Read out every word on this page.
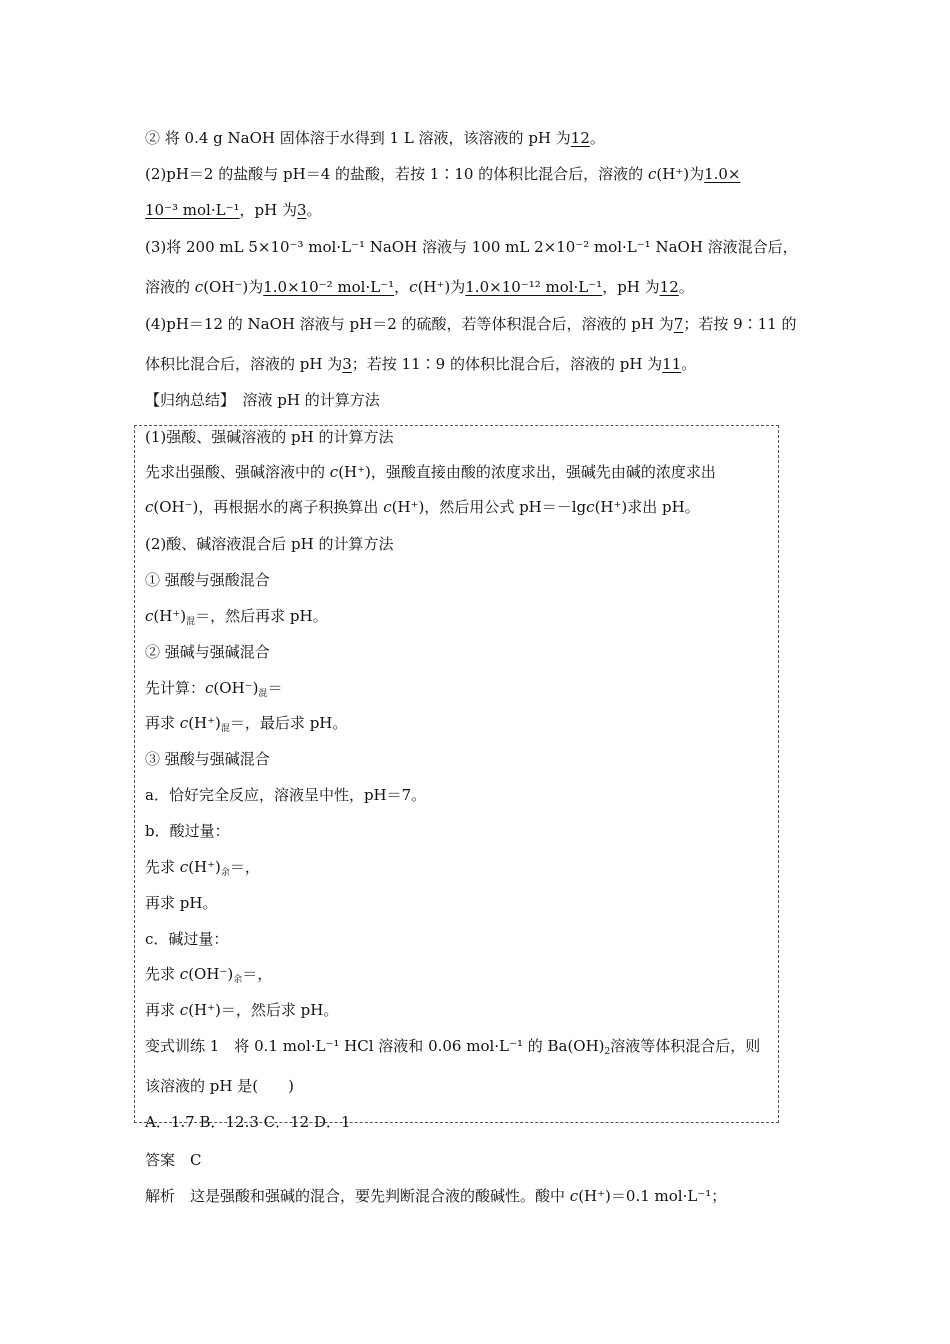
② 将 0.4 g NaOH 固体溶于水得到 1 L 溶液，该溶液的 pH 为12。
(2)pH＝2 的盐酸与 pH＝4 的盐酸，若按 1∶10 的体积比混合后，溶液的 c(H⁺)为1.0×
10⁻³ mol·L⁻¹，pH 为3。
(3)将 200 mL 5×10⁻³ mol·L⁻¹ NaOH 溶液与 100 mL 2×10⁻² mol·L⁻¹ NaOH 溶液混合后，
溶液的 c(OH⁻)为1.0×10⁻² mol·L⁻¹，c(H⁺)为1.0×10⁻¹² mol·L⁻¹，pH 为12。
(4)pH＝12 的 NaOH 溶液与 pH＝2 的硫酸，若等体积混合后，溶液的 pH 为7；若按 9∶11 的
体积比混合后，溶液的 pH 为3；若按 11∶9 的体积比混合后，溶液的 pH 为11。
【归纳总结】　溶液 pH 的计算方法
(1)强酸、强碱溶液的 pH 的计算方法
先求出强酸、强碱溶液中的 c(H⁺)，强酸直接由酸的浓度求出，强碱先由碱的浓度求出
c(OH⁻)，再根据水的离子积换算出 c(H⁺)，然后用公式 pH＝－lgc(H⁺)求出 pH。
(2)酸、碱溶液混合后 pH 的计算方法
① 强酸与强酸混合
$c(H^+)_混=$，然后再求 pH。
② 强碱与强碱混合
先计算：$c(OH^-)_混=$
再求 $c(H^+)_混=$，最后求 pH。
③ 强酸与强碱混合
a．恰好完全反应，溶液呈中性，pH＝7。
b．酸过量：
先求 $c(H^+)_余=$，
再求 pH。
c．碱过量：
先求 $c(OH^-)_余=$，
再求 c(H⁺)＝，然后求 pH。
变式训练 1　将 0.1 mol·L⁻¹ HCl 溶液和 0.06 mol·L⁻¹ 的 $Ba(OH)_2$溶液等体积混合后，则
该溶液的 pH 是(　　)
A．1.7 B．12.3 C．12 D．1
答案　C
解析　这是强酸和强碱的混合，要先判断混合液的酸碱性。酸中 c(H⁺)＝0.1 mol·L⁻¹；
